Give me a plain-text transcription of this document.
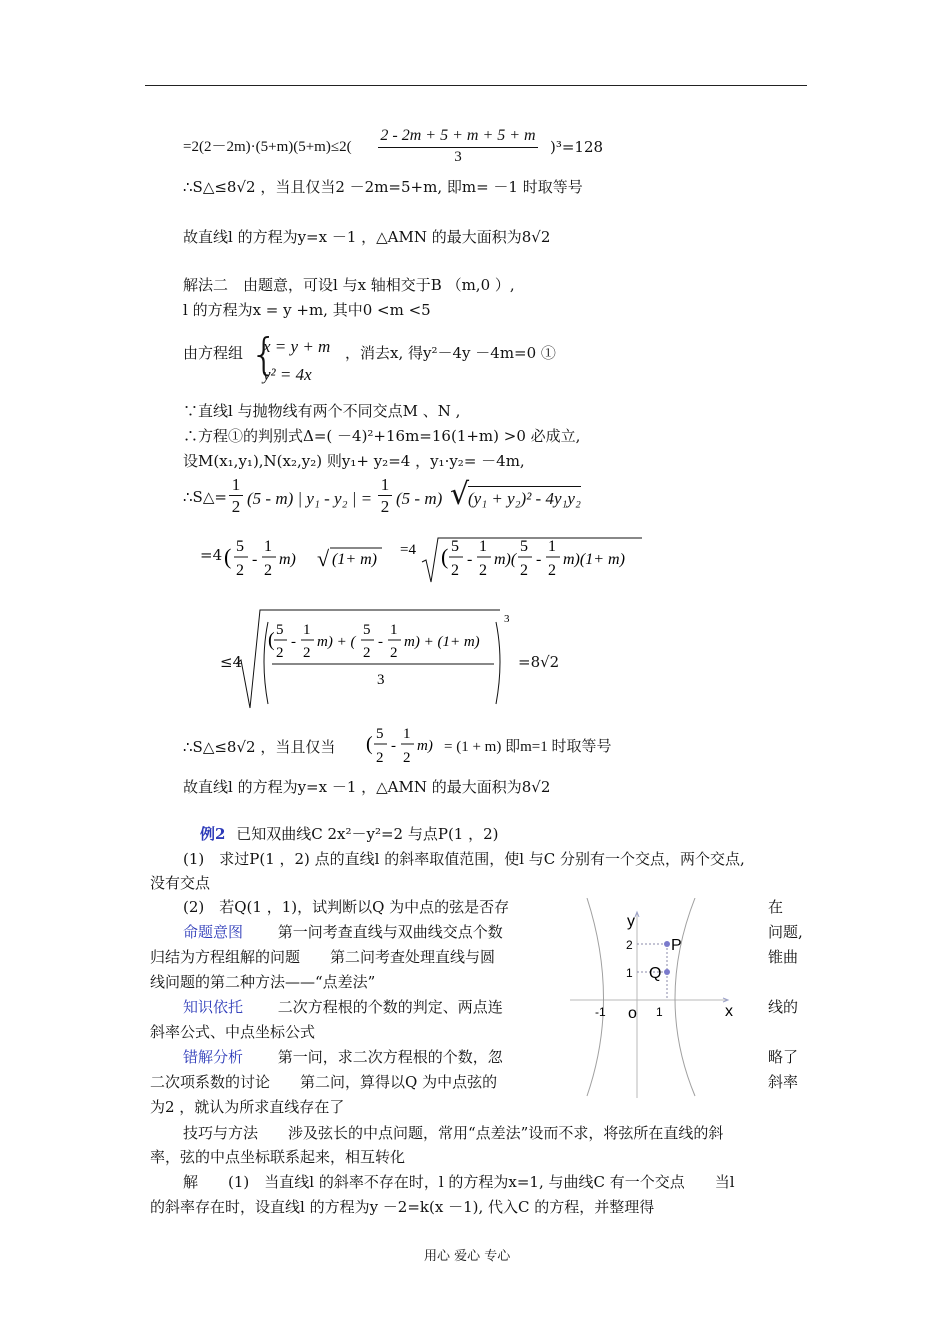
=2(2－2m)·(5+m)(5+m)≤2(
2 - 2m + 5 + m + 5 + m
3
)³=128
∴S△≤8√2 ，当且仅当2 －2m=5+m, 即m= －1 时取等号
故直线l 的方程为y=x －1 ，△AMN 的最大面积为8√2
解法二　由题意，可设l 与x 轴相交于B （m,0 ）,
l 的方程为x = y +m, 其中0 <m <5
由方程组 {
x = y + m
y² = 4x
，消去x, 得y²－4y －4m=0 ①
∵直线l 与抛物线有两个不同交点M 、N ,
∴方程①的判别式Δ=( －4)²+16m=16(1+m) >0 必成立,
设M(x₁,y₁),N(x₂,y₂) 则y₁+ y₂=4 ，y₁·y₂= －4m,
∴S△=
1
2 (5 - m) | y₁ - y₂ | =
1
2 (5 - m) √
(y₁ + y₂)² - 4y₁y₂
=4 ( 5
2
-
1
2
m) √ (1+ m)
=4 ( 5
2
-
1
2
m)(
5
2
-
1
2
m)(1+ m)
≤4
3
( 5
2
-
1
2
m) + (
5
2
-
1
2
m) + (1+ m)
3
=8√2
∴S△≤8√2 ，当且仅当 ( 5
2
-
1
2
m) = (1 + m) 即m=1 时取等号
故直线l 的方程为y=x －1 ，△AMN 的最大面积为8√2
例2 已知双曲线C 2x²－y²=2 与点P(1 ，2)
(1)　求过P(1 ，2) 点的直线l 的斜率取值范围，使l 与C 分别有一个交点，两个交点,
没有交点
(2)　若Q(1 ，1)，试判断以Q 为中点的弦是否存	在
命题意图 第一问考查直线与双曲线交点个数	问题,
归结为方程组解的问题　　第二问考查处理直线与圆	锥曲
线问题的第二种方法——“点差法”
知识依托 二次方程根的个数的判定、两点连	线的
斜率公式、中点坐标公式
错解分析 第一问，求二次方程根的个数，忽	略了
二次项系数的讨论　　第二问，算得以Q 为中点弦的	斜率
为2 ，就认为所求直线存在了
技巧与方法　　涉及弦长的中点问题，常用“点差法”设而不求，将弦所在直线的斜
率，弦的中点坐标联系起来，相互转化
解　　(1)　当直线l 的斜率不存在时，l 的方程为x=1, 与曲线C 有一个交点　　当l
的斜率存在时，设直线l 的方程为y －2=k(x －1), 代入C 的方程，并整理得
y
x
o
-1	1
1
2 P
Q
用心 爱心 专心
